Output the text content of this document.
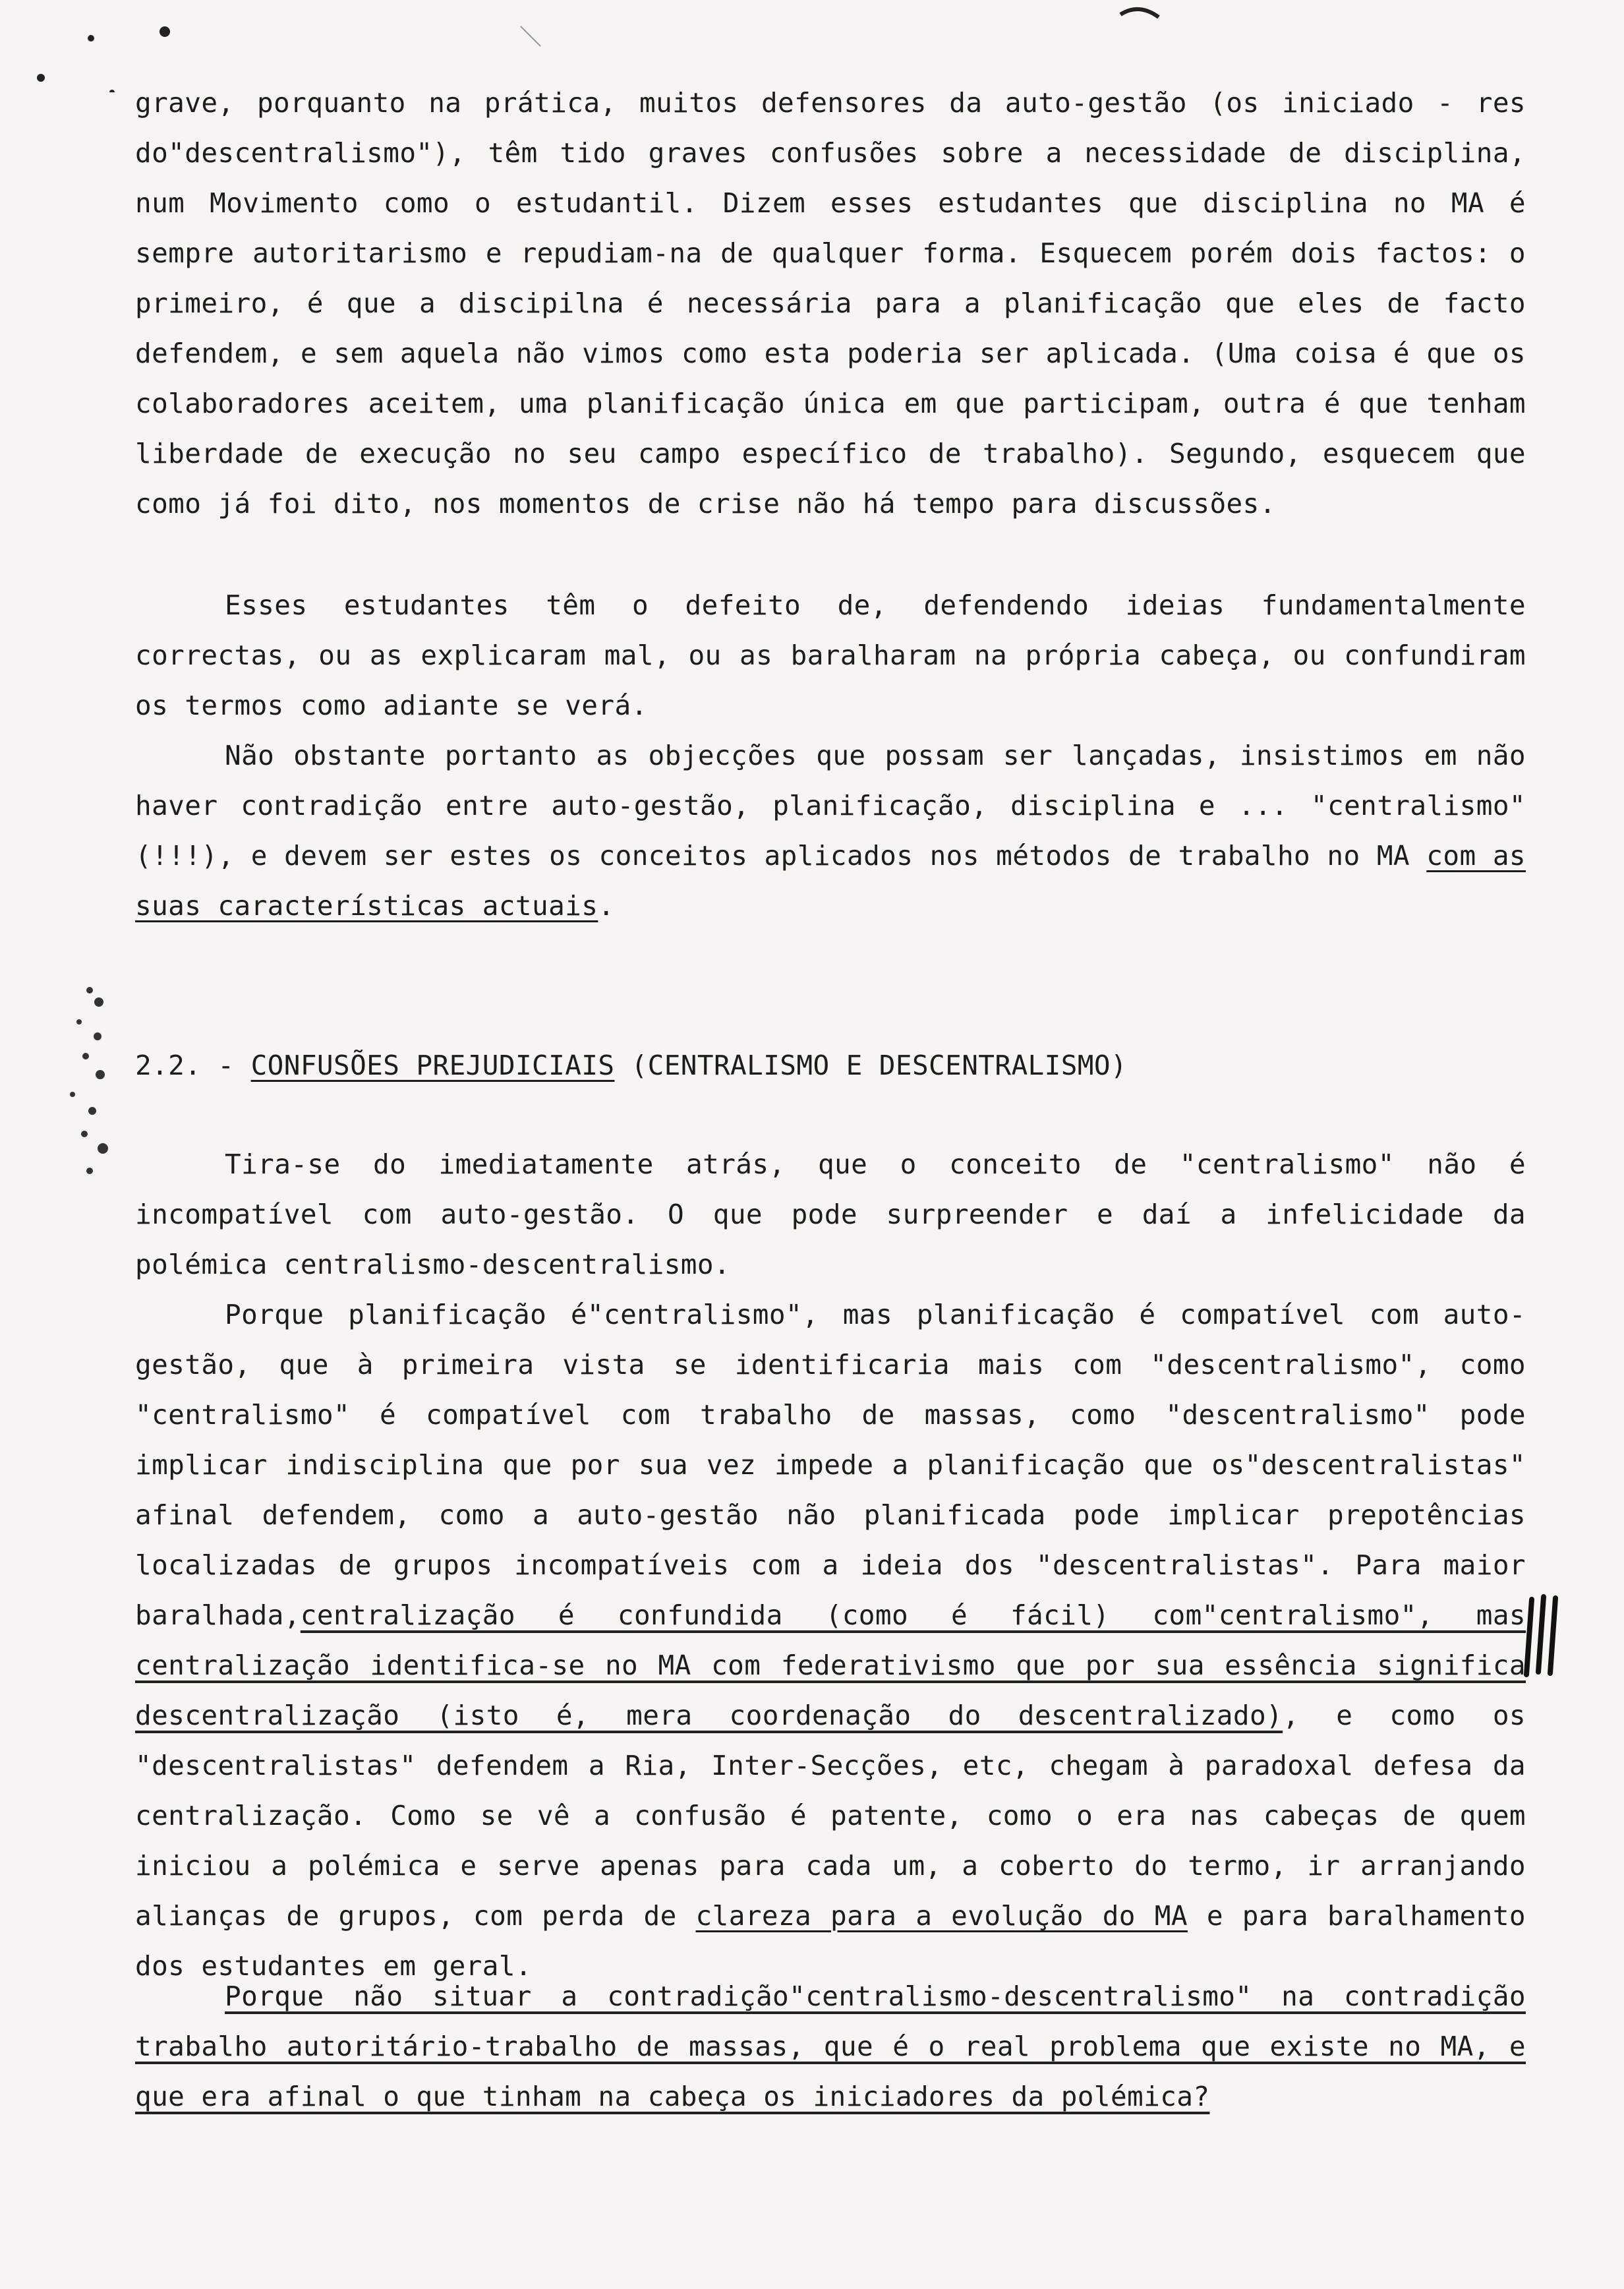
grave, porquanto na prática, muitos defensores da auto-gestão (os iniciado - res do"descentralismo"), têm tido graves confusões sobre a necessidade de disciplina, num Movimento como o estudantil. Dizem esses estudantes que disciplina no MA é sempre autoritarismo e repudiam-na de qualquer forma. Esquecem porém dois factos: o primeiro, é que a discipilna é necessária para a planificação que eles de facto defendem, e sem aquela não vimos como esta poderia ser aplicada. (Uma coisa é que os colaboradores aceitem, uma planificação única em que participam, outra é que tenham liberdade de execução no seu campo específico de trabalho). Segundo, esquecem que como já foi dito, nos momentos de crise não há tempo para discussões.

Esses estudantes têm o defeito de, defendendo ideias fundamentalmente correctas, ou as explicaram mal, ou as baralharam na própria cabeça, ou confundiram os termos como adiante se verá.

Não obstante portanto as objecções que possam ser lançadas, insistimos em não haver contradição entre auto-gestão, planificação, disciplina e ... "centralismo"(!!!), e devem ser estes os conceitos aplicados nos métodos de trabalho no MA com as suas características actuais.

2.2. - CONFUSÕES PREJUDICIAIS (CENTRALISMO E DESCENTRALISMO)

Tira-se do imediatamente atrás, que o conceito de "centralismo" não é incompatível com auto-gestão. O que pode surpreender e daí a infelicidade da polémica centralismo-descentralismo.

Porque planificação é"centralismo", mas planificação é compatível com auto-gestão, que à primeira vista se identificaria mais com "descentralismo", como "centralismo" é compatível com trabalho de massas, como "descentralismo" pode implicar indisciplina que por sua vez impede a planificação que os"descentralistas" afinal defendem, como a auto-gestão não planificada pode implicar prepotências localizadas de grupos incompatíveis com a ideia dos "descentralistas". Para maior baralhada,centralização é confundida (como é fácil) com"centralismo", mas centralização identifica-se no MA com federativismo que por sua essência significa descentralização (isto é, mera coordenação do descentralizado), e como os "descentralistas" defendem a Ria, Inter-Secções, etc, chegam à paradoxal defesa da centralização. Como se vê a confusão é patente, como o era nas cabeças de quem iniciou a polémica e serve apenas para cada um, a coberto do termo, ir arranjando alianças de grupos, com perda de clareza para a evolução do MA e para baralhamento dos estudantes em geral.

Porque não situar a contradição"centralismo-descentralismo" na contradição trabalho autoritário-trabalho de massas, que é o real problema que existe no MA, e que era afinal o que tinham na cabeça os iniciadores da polémica?
